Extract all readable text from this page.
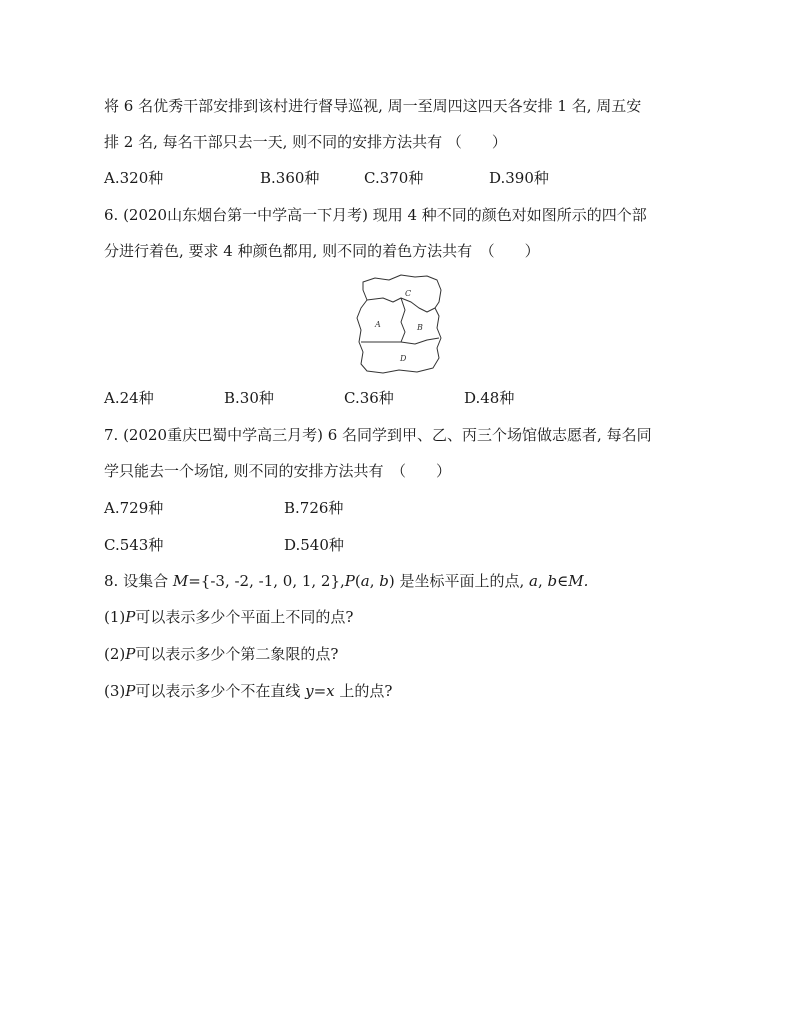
将 6 名优秀干部安排到该村进行督导巡视, 周一至周四这四天各安排 1 名, 周五安
排 2 名, 每名干部只去一天, 则不同的安排方法共有 （　　）
A.320种	B.360种	C.370种	D.390种
6. (2020山东烟台第一中学高一下月考) 现用 4 种不同的颜色对如图所示的四个部
分进行着色, 要求 4 种颜色都用, 则不同的着色方法共有　（　　）
C
A	B
D
A.24种	B.30种	C.36种	D.48种
7. (2020重庆巴蜀中学高三月考) 6 名同学到甲、乙、丙三个场馆做志愿者, 每名同
学只能去一个场馆, 则不同的安排方法共有　（　　）
A.729种	B.726种
C.543种	D.540种
8. 设集合 M={-3, -2, -1, 0, 1, 2},P(a, b) 是坐标平面上的点, a, b∈M.
(1)P可以表示多少个平面上不同的点?
(2)P可以表示多少个第二象限的点?
(3)P可以表示多少个不在直线 y=x 上的点?
